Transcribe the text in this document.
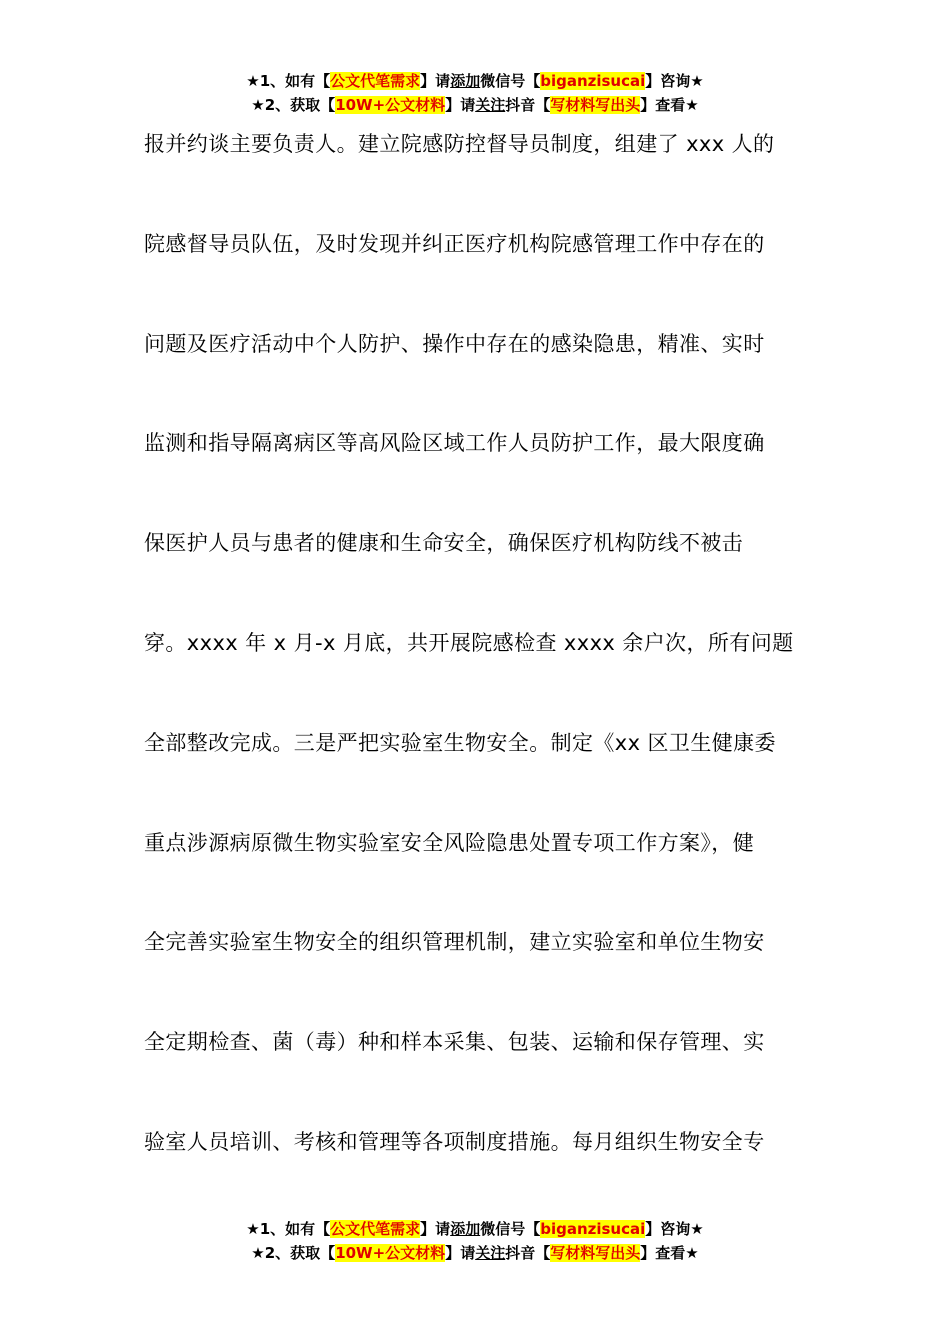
★1、如有【公文代笔需求】请添加微信号【biganzisucai】咨询★
★2、获取【10W+公文材料】请关注抖音【写材料写出头】查看★
报并约谈主要负责人。建立院感防控督导员制度，组建了 xxx 人的
院感督导员队伍，及时发现并纠正医疗机构院感管理工作中存在的
问题及医疗活动中个人防护、操作中存在的感染隐患，精准、实时
监测和指导隔离病区等高风险区域工作人员防护工作，最大限度确
保医护人员与患者的健康和生命安全，确保医疗机构防线不被击
穿。xxxx 年 x 月-x 月底，共开展院感检查 xxxx 余户次，所有问题
全部整改完成。三是严把实验室生物安全。制定《xx 区卫生健康委
重点涉源病原微生物实验室安全风险隐患处置专项工作方案》，健
全完善实验室生物安全的组织管理机制，建立实验室和单位生物安
全定期检查、菌（毒）种和样本采集、包装、运输和保存管理、实
验室人员培训、考核和管理等各项制度措施。每月组织生物安全专
★1、如有【公文代笔需求】请添加微信号【biganzisucai】咨询★
★2、获取【10W+公文材料】请关注抖音【写材料写出头】查看★
